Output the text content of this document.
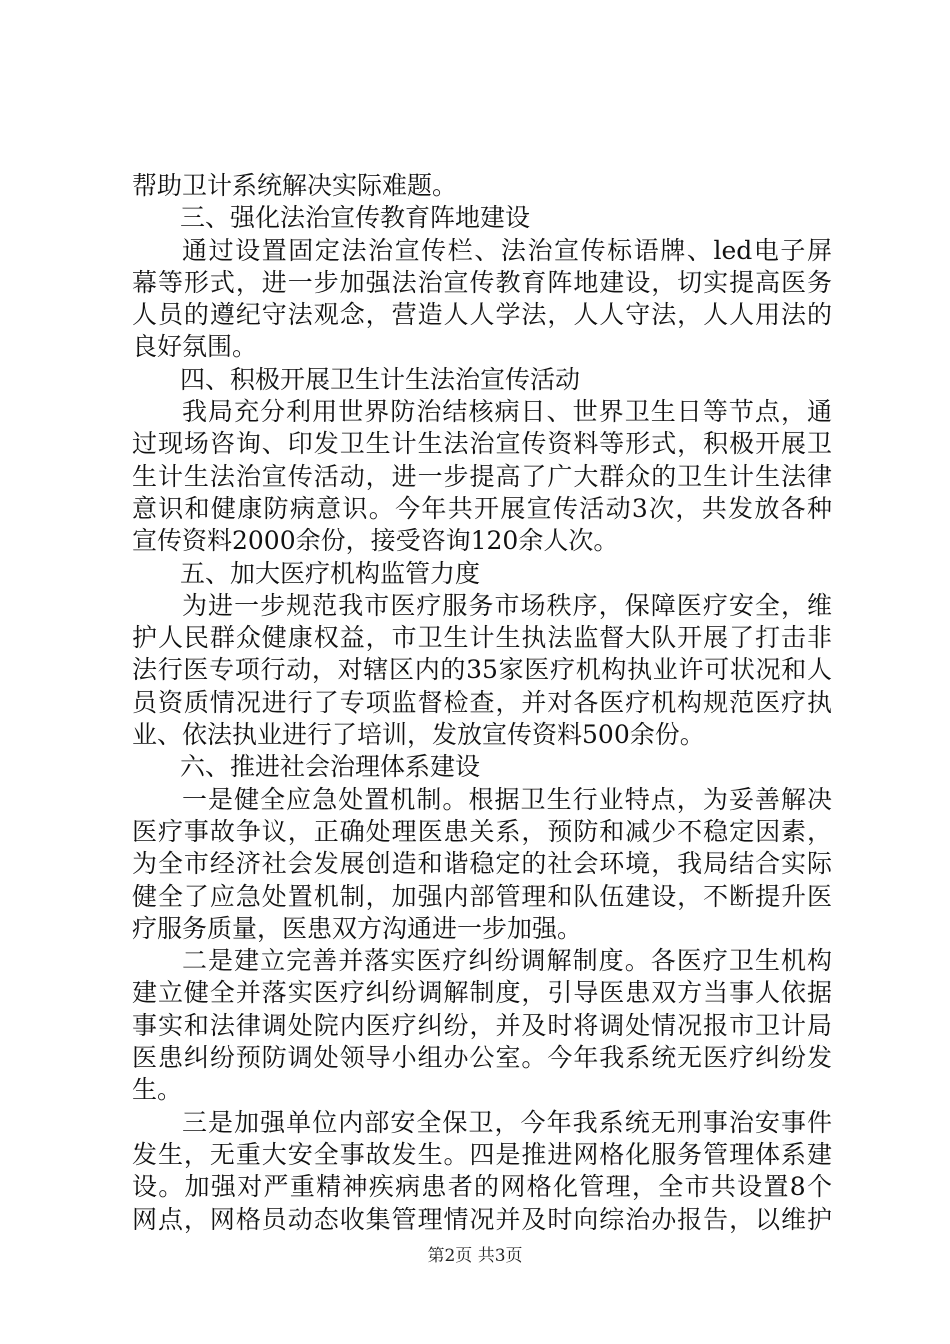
帮助卫计系统解决实际难题。
三、强化法治宣传教育阵地建设
通过设置固定法治宣传栏、法治宣传标语牌、led电子屏
幕等形式，进一步加强法治宣传教育阵地建设，切实提高医务
人员的遵纪守法观念，营造人人学法，人人守法，人人用法的
良好氛围。
四、积极开展卫生计生法治宣传活动
我局充分利用世界防治结核病日、世界卫生日等节点，通
过现场咨询、印发卫生计生法治宣传资料等形式，积极开展卫
生计生法治宣传活动，进一步提高了广大群众的卫生计生法律
意识和健康防病意识。今年共开展宣传活动3次，共发放各种
宣传资料2000余份，接受咨询120余人次。
五、加大医疗机构监管力度
为进一步规范我市医疗服务市场秩序，保障医疗安全，维
护人民群众健康权益，市卫生计生执法监督大队开展了打击非
法行医专项行动，对辖区内的35家医疗机构执业许可状况和人
员资质情况进行了专项监督检查，并对各医疗机构规范医疗执
业、依法执业进行了培训，发放宣传资料500余份。
六、推进社会治理体系建设
一是健全应急处置机制。根据卫生行业特点，为妥善解决
医疗事故争议，正确处理医患关系，预防和减少不稳定因素，
为全市经济社会发展创造和谐稳定的社会环境，我局结合实际
健全了应急处置机制，加强内部管理和队伍建设，不断提升医
疗服务质量，医患双方沟通进一步加强。
二是建立完善并落实医疗纠纷调解制度。各医疗卫生机构
建立健全并落实医疗纠纷调解制度，引导医患双方当事人依据
事实和法律调处院内医疗纠纷，并及时将调处情况报市卫计局
医患纠纷预防调处领导小组办公室。今年我系统无医疗纠纷发
生。
三是加强单位内部安全保卫，今年我系统无刑事治安事件
发生，无重大安全事故发生。四是推进网格化服务管理体系建
设。加强对严重精神疾病患者的网格化管理，全市共设置8个
网点，网格员动态收集管理情况并及时向综治办报告，以维护
第2页 共3页
